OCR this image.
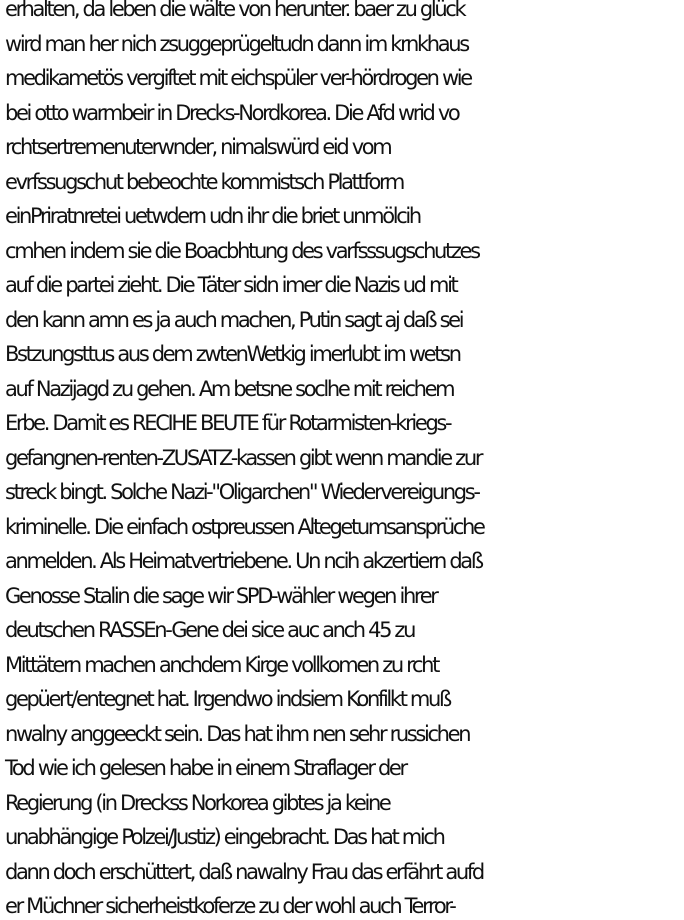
erhalten, da leben die wälte von herunter. baer zu glück
wird man her nich zsuggeprügeltudn dann im krnkhaus
medikametös vergiftet mit eichspüler ver-hördrogen wie
bei otto warmbeir in Drecks-Nordkorea. Die Afd wrid vo
rchtsertremenuterwnder, nimalswürd eid vom
evrfssugschut bebeochte kommistsch Plattform
einPriratnretei uetwdern udn ihr die briet unmölcih
cmhen indem sie die Boacbhtung des varfsssugschutzes
auf die partei zieht. Die Täter sidn imer die Nazis ud mit
den kann amn es ja auch machen, Putin sagt aj daß sei
Bstzungsttus aus dem zwtenWetkig imerlubt im wetsn
auf Nazijagd zu gehen. Am betsne soclhe mit reichem
Erbe. Damit es RECIHE BEUTE für Rotarmisten-kriegs-
gefangnen-renten-ZUSATZ-kassen gibt wenn mandie zur
streck bingt. Solche Nazi-"Oligarchen" Wiedervereigungs-
kriminelle. Die einfach ostpreussen Altegetumsansprüche
anmelden. Als Heimatvertriebene. Un ncih akzertiern daß
Genosse Stalin die sage wir SPD-wähler wegen ihrer
deutschen RASSEn-Gene dei sice auc anch 45 zu
Mittätern machen anchdem Kirge vollkomen zu rcht
gepüert/entegnet hat. Irgendwo indsiem Konfilkt muß
nwalny anggeeckt sein. Das hat ihm nen sehr russichen
Tod wie ich gelesen habe in einem Straflager der
Regierung (in Dreckss Norkorea gibtes ja keine
unabhängige Polzei/Justiz) eingebracht. Das hat mich
dann doch erschüttert, daß nawalny Frau das erfährt aufd
er Müchner sicherheistkoferze zu der wohl auch Terror-
